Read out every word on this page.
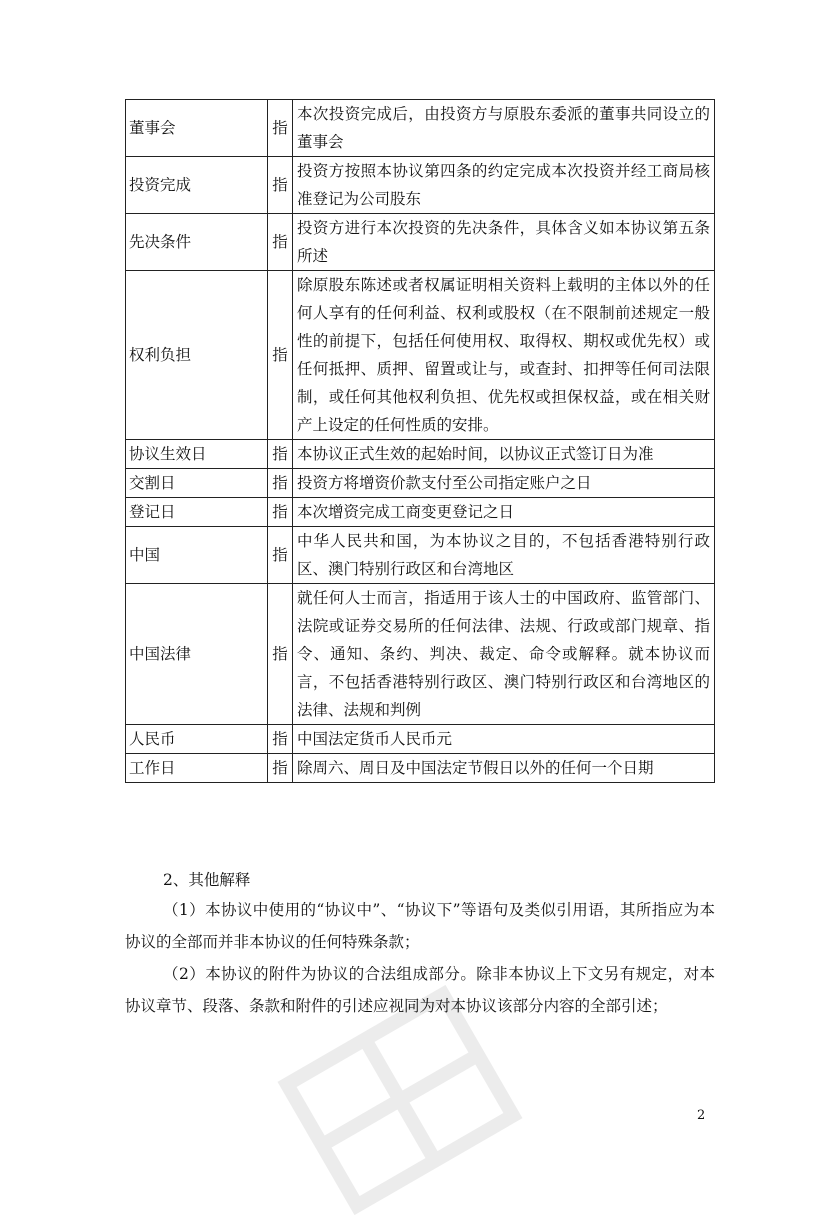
董事会	指	本次投资完成后，由投资方与原股东委派的董事共同设立的董事会
投资完成	指	投资方按照本协议第四条的约定完成本次投资并经工商局核准登记为公司股东
先决条件	指	投资方进行本次投资的先决条件，具体含义如本协议第五条所述
权利负担	指	除原股东陈述或者权属证明相关资料上载明的主体以外的任何人享有的任何利益、权利或股权（在不限制前述规定一般性的前提下，包括任何使用权、取得权、期权或优先权）或任何抵押、质押、留置或让与，或查封、扣押等任何司法限制，或任何其他权利负担、优先权或担保权益，或在相关财产上设定的任何性质的安排。
协议生效日	指	本协议正式生效的起始时间，以协议正式签订日为准
交割日	指	投资方将增资价款支付至公司指定账户之日
登记日	指	本次增资完成工商变更登记之日
中国	指	中华人民共和国，为本协议之目的，不包括香港特别行政区、澳门特别行政区和台湾地区
中国法律	指	就任何人士而言，指适用于该人士的中国政府、监管部门、法院或证券交易所的任何法律、法规、行政或部门规章、指令、通知、条约、判决、裁定、命令或解释。就本协议而言，不包括香港特别行政区、澳门特别行政区和台湾地区的法律、法规和判例
人民币	指	中国法定货币人民币元
工作日	指	除周六、周日及中国法定节假日以外的任何一个日期
2、其他解释
（1）本协议中使用的“协议中”、“协议下”等语句及类似引用语，其所指应为本协议的全部而并非本协议的任何特殊条款；
（2）本协议的附件为协议的合法组成部分。除非本协议上下文另有规定，对本协议章节、段落、条款和附件的引述应视同为对本协议该部分内容的全部引述；
2
